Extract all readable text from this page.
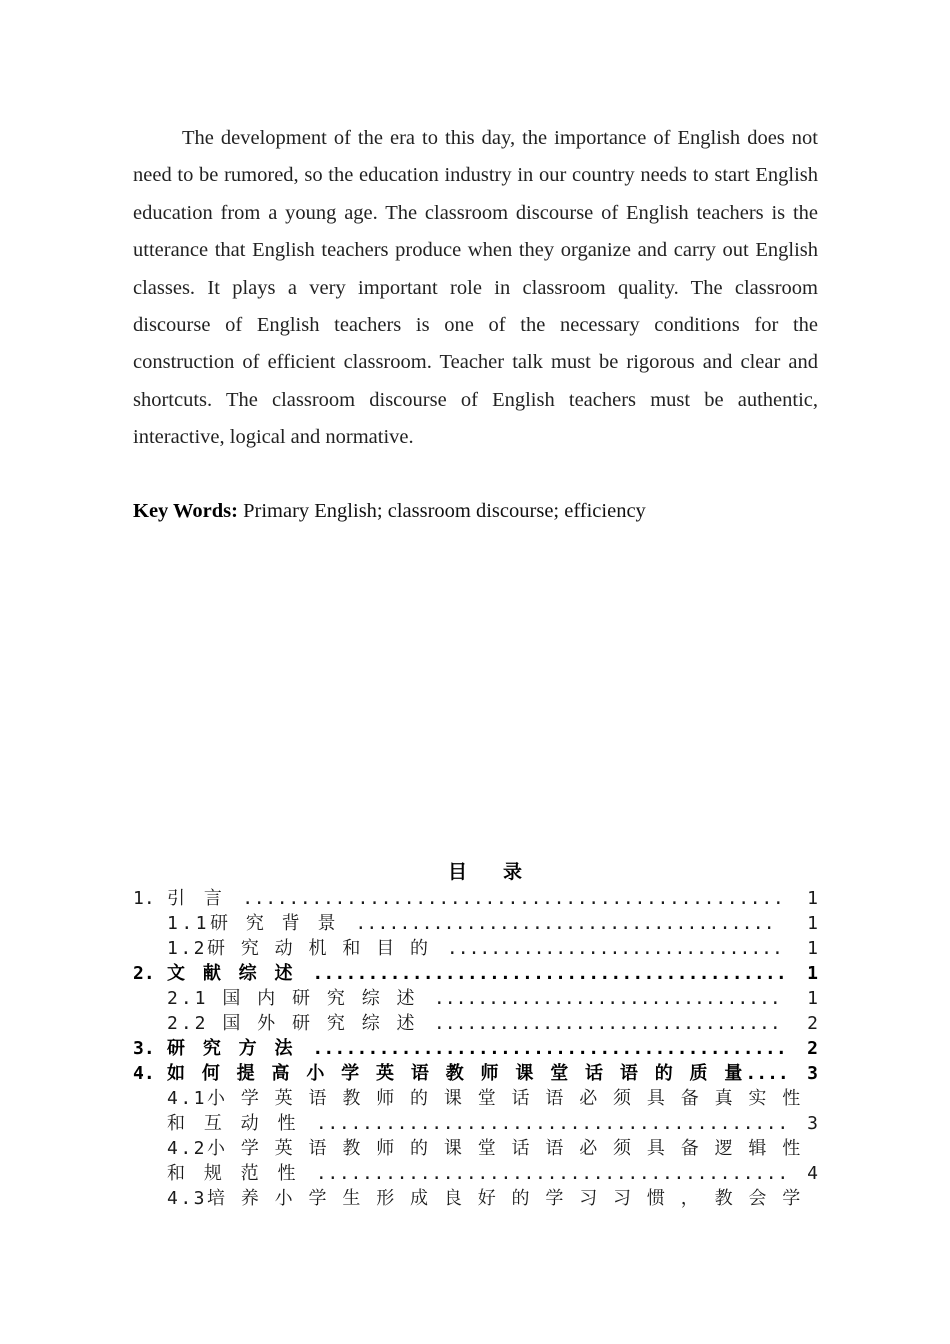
The development of the era to this day, the importance of English does not need to be rumored, so the education industry in our country needs to start English education from a young age. The classroom discourse of English teachers is the utterance that English teachers produce when they organize and carry out English classes. It plays a very important role in classroom quality. The classroom discourse of English teachers is one of the necessary conditions for the construction of efficient classroom. Teacher talk must be rigorous and clear and shortcuts. The classroom discourse of English teachers must be authentic, interactive, logical and normative.

Key Words: Primary English; classroom discourse; efficiency

目录
1. 引 言 ............................................... 1
1.1研 究 背 景 ...................................... 1
1.2研 究 动 机 和 目 的 ............................... 1
2. 文 献 综 述 ........................................... 1
2.1 国 内 研 究 综 述 ................................ 1
2.2 国 外 研 究 综 述 ................................ 2
3. 研 究 方 法 ........................................... 2
4. 如 何 提 高 小 学 英 语 教 师 课 堂 话 语 的 质 量.... 3
4.1小 学 英 语 教 师 的 课 堂 话 语 必 须 具 备 真 实 性
和 互 动 性 ......................................... 3
4.2小 学 英 语 教 师 的 课 堂 话 语 必 须 具 备 逻 辑 性
和 规 范 性 ......................................... 4
4.3培 养 小 学 生 形 成 良 好 的 学 习 习 惯 ， 教 会 学
